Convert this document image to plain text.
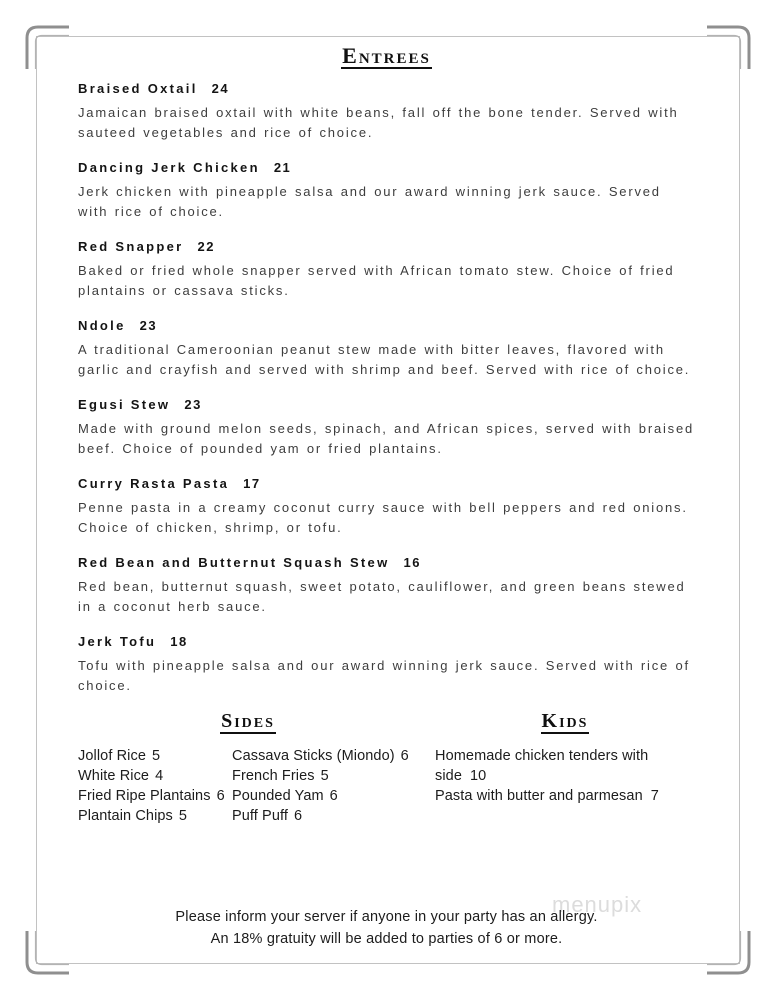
Entrees
Braised Oxtail 24
Jamaican braised oxtail with white beans, fall off the bone tender. Served with sauteed vegetables and rice of choice.
Dancing Jerk Chicken 21
Jerk chicken with pineapple salsa and our award winning jerk sauce. Served with rice of choice.
Red Snapper 22
Baked or fried whole snapper served with African tomato stew. Choice of fried plantains or cassava sticks.
Ndole 23
A traditional Cameroonian peanut stew made with bitter leaves, flavored with garlic and crayfish and served with shrimp and beef. Served with rice of choice.
Egusi Stew 23
Made with ground melon seeds, spinach, and African spices, served with braised beef. Choice of pounded yam or fried plantains.
Curry Rasta Pasta 17
Penne pasta in a creamy coconut curry sauce with bell peppers and red onions. Choice of chicken, shrimp, or tofu.
Red Bean and Butternut Squash Stew 16
Red bean, butternut squash, sweet potato, cauliflower, and green beans stewed in a coconut herb sauce.
Jerk Tofu 18
Tofu with pineapple salsa and our award winning jerk sauce. Served with rice of choice.
Sides
Jollof Rice 5
White Rice 4
Fried Ripe Plantains 6
Plantain Chips 5
Cassava Sticks (Miondo) 6
French Fries 5
Pounded Yam 6
Puff Puff 6
Kids
Homemade chicken tenders with side 10
Pasta with butter and parmesan 7
menupix
Please inform your server if anyone in your party has an allergy.
An 18% gratuity will be added to parties of 6 or more.
